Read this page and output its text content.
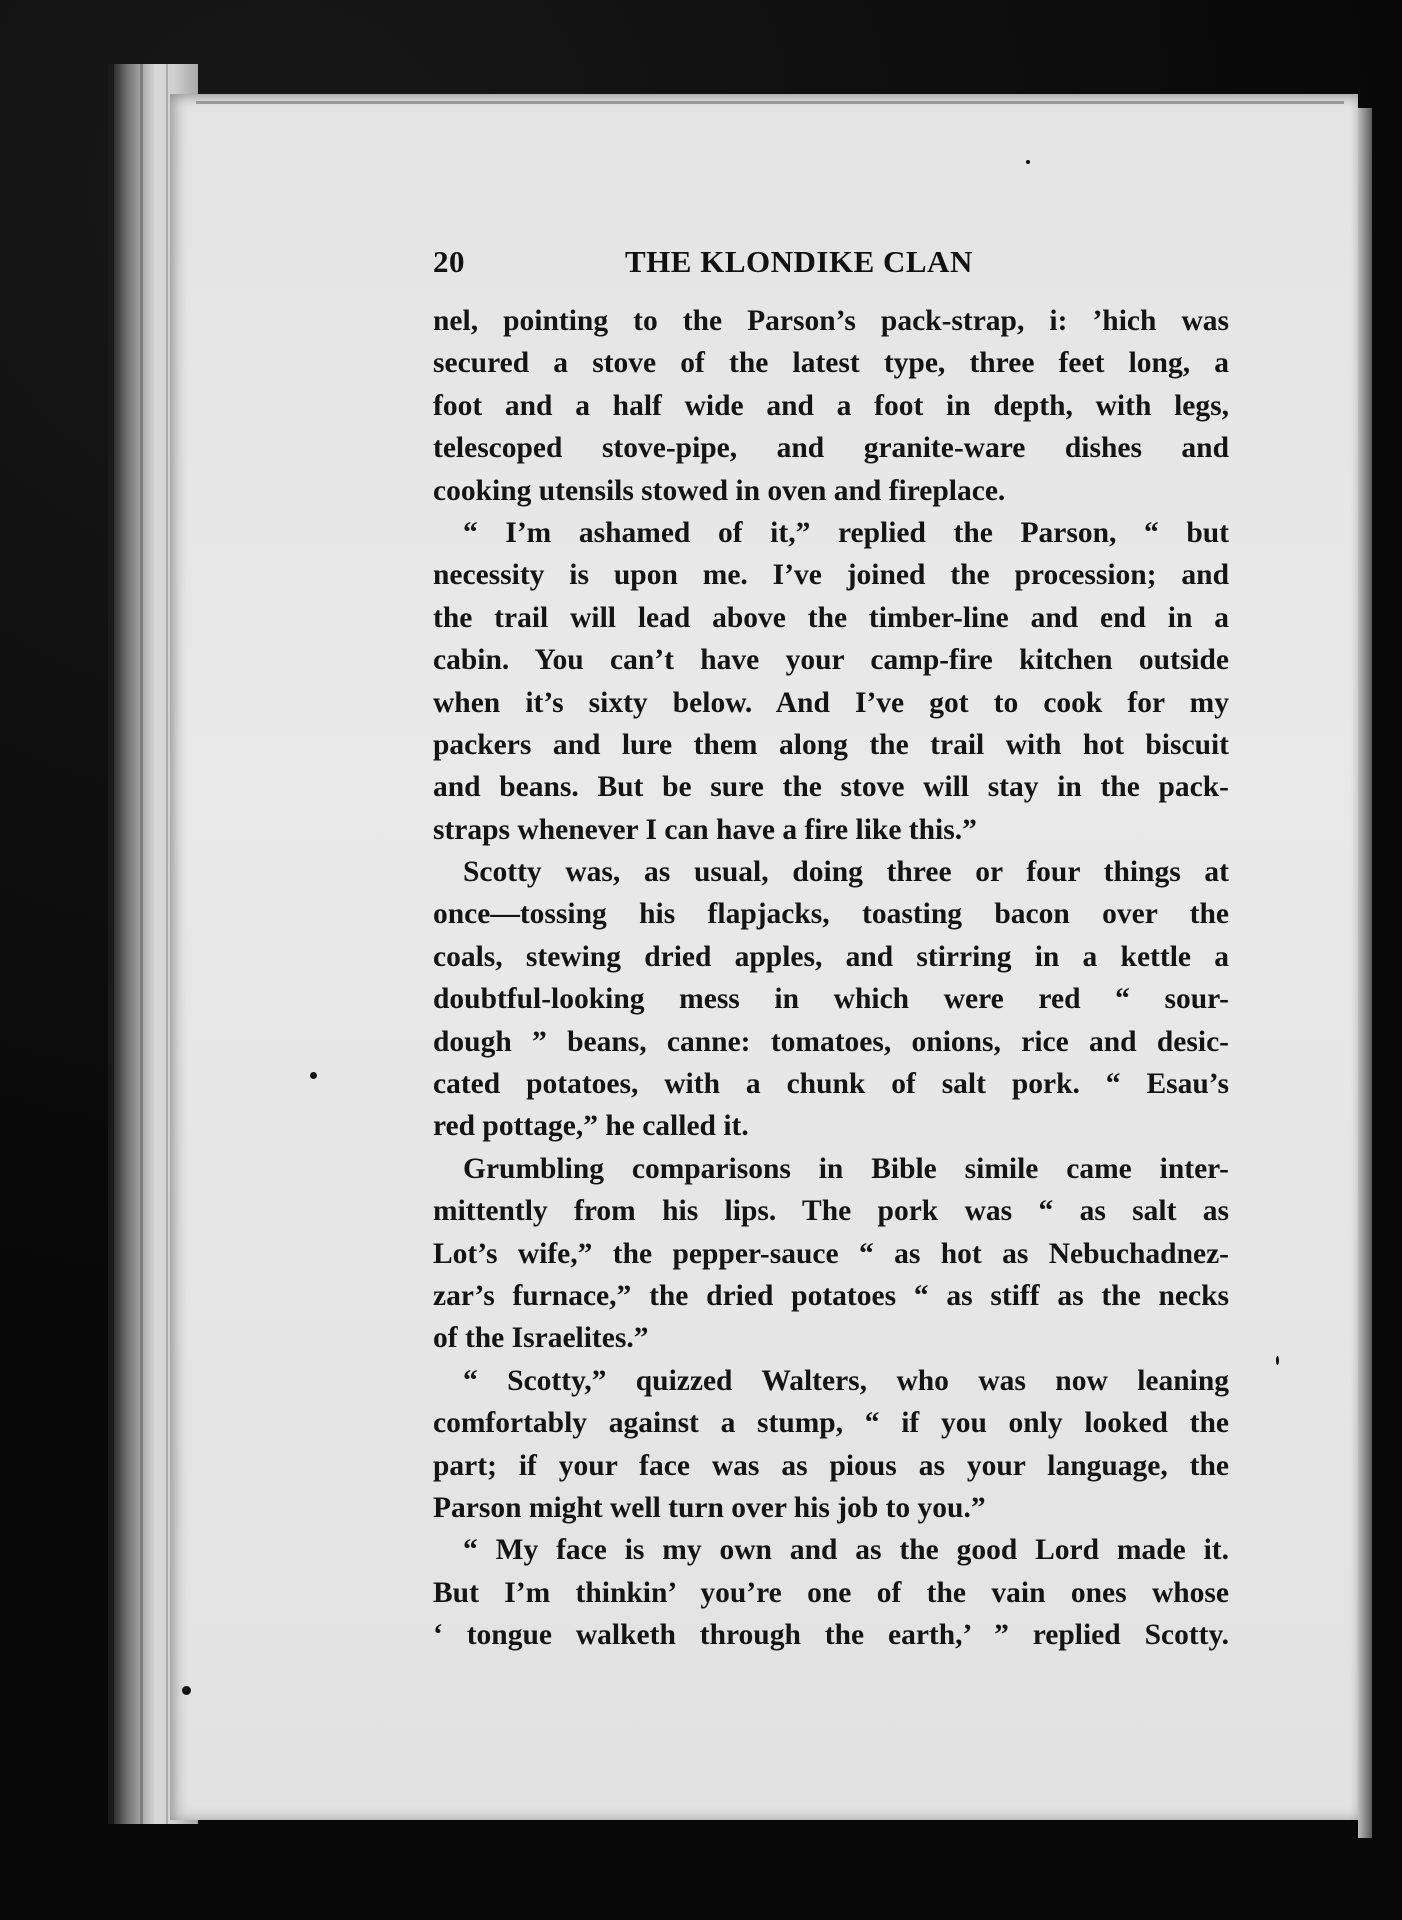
20	THE KLONDIKE CLAN
nel, pointing to the Parson’s pack-strap, i: ’hich was
secured a stove of the latest type, three feet long, a
foot and a half wide and a foot in depth, with legs,
telescoped stove-pipe, and granite-ware dishes and
cooking utensils stowed in oven and fireplace.
“ I’m ashamed of it,” replied the Parson, “ but
necessity is upon me. I’ve joined the procession; and
the trail will lead above the timber-line and end in a
cabin. You can’t have your camp-fire kitchen outside
when it’s sixty below. And I’ve got to cook for my
packers and lure them along the trail with hot biscuit
and beans. But be sure the stove will stay in the pack-
straps whenever I can have a fire like this.”
Scotty was, as usual, doing three or four things at
once—tossing his flapjacks, toasting bacon over the
coals, stewing dried apples, and stirring in a kettle a
doubtful-looking mess in which were red “ sour-
dough ” beans, canne: tomatoes, onions, rice and desic-
cated potatoes, with a chunk of salt pork. “ Esau’s
red pottage,” he called it.
Grumbling comparisons in Bible simile came inter-
mittently from his lips. The pork was “ as salt as
Lot’s wife,” the pepper-sauce “ as hot as Nebuchadnez-
zar’s furnace,” the dried potatoes “ as stiff as the necks
of the Israelites.”
“ Scotty,” quizzed Walters, who was now leaning
comfortably against a stump, “ if you only looked the
part; if your face was as pious as your language, the
Parson might well turn over his job to you.”
“ My face is my own and as the good Lord made it.
But I’m thinkin’ you’re one of the vain ones whose
‘ tongue walketh through the earth,’ ” replied Scotty.
